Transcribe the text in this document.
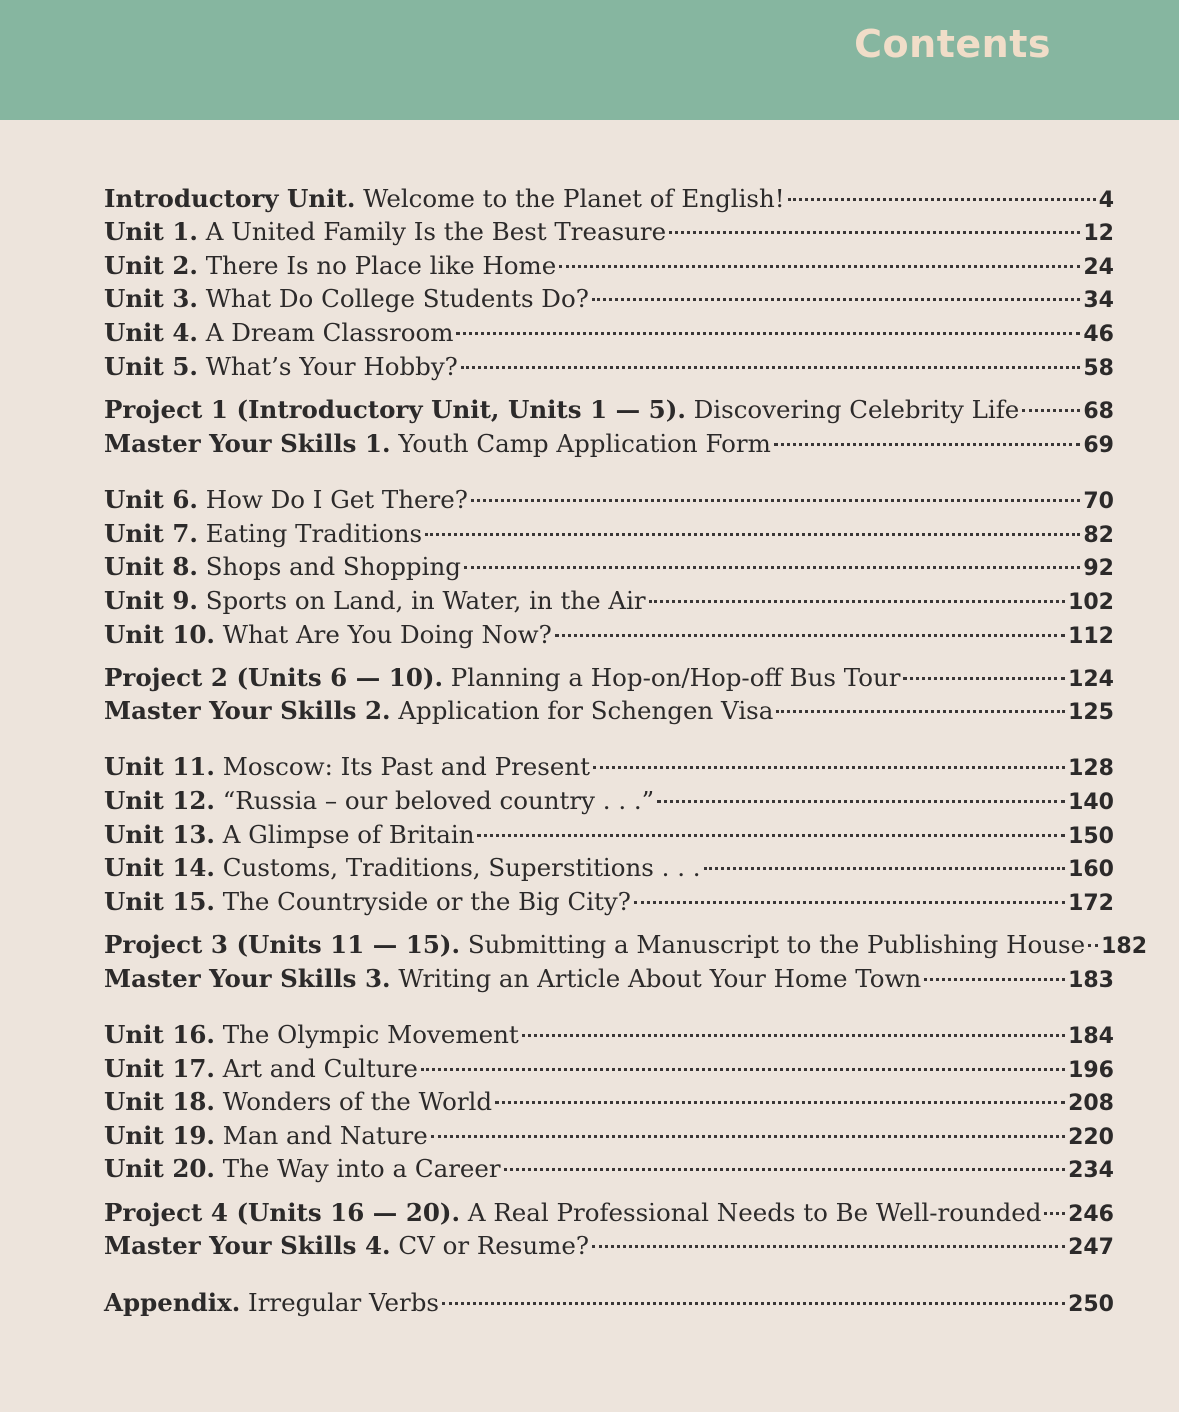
Contents
Introductory Unit. Welcome to the Planet of English!	4
Unit 1. A United Family Is the Best Treasure	12
Unit 2. There Is no Place like Home	24
Unit 3. What Do College Students Do?	34
Unit 4. A Dream Classroom	46
Unit 5. What’s Your Hobby?	58
Project 1 (Introductory Unit, Units 1 — 5). Discovering Celebrity Life	68
Master Your Skills 1. Youth Camp Application Form	69
Unit 6. How Do I Get There?	70
Unit 7. Eating Traditions	82
Unit 8. Shops and Shopping	92
Unit 9. Sports on Land, in Water, in the Air	102
Unit 10. What Are You Doing Now?	112
Project 2 (Units 6 — 10). Planning a Hop-on/Hop-off Bus Tour	124
Master Your Skills 2. Application for Schengen Visa	125
Unit 11. Moscow: Its Past and Present	128
Unit 12. “Russia – our beloved country . . .”	140
Unit 13. A Glimpse of Britain	150
Unit 14. Customs, Traditions, Superstitions . . .	160
Unit 15. The Countryside or the Big City?	172
Project 3 (Units 11 — 15). Submitting a Manuscript to the Publishing House 182
Master Your Skills 3. Writing an Article About Your Home Town	183
Unit 16. The Olympic Movement	184
Unit 17. Art and Culture	196
Unit 18. Wonders of the World	208
Unit 19. Man and Nature	220
Unit 20. The Way into a Career	234
Project 4 (Units 16 — 20). A Real Professional Needs to Be Well-rounded 246
Master Your Skills 4. CV or Resume?	247
Appendix. Irregular Verbs	250
